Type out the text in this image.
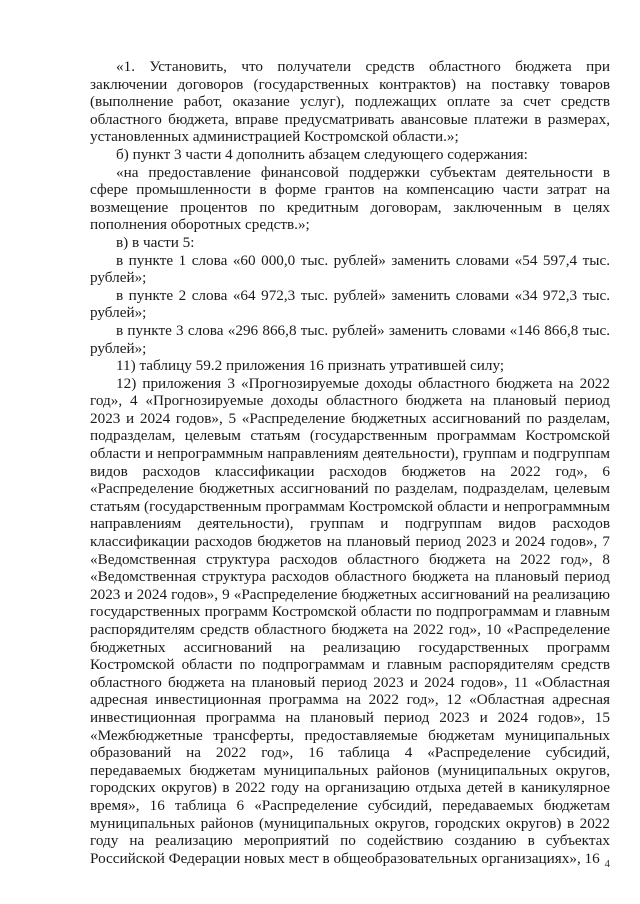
«1. Установить, что получатели средств областного бюджета при заключении договоров (государственных контрактов) на поставку товаров (выполнение работ, оказание услуг), подлежащих оплате за счет средств областного бюджета, вправе предусматривать авансовые платежи в размерах, установленных администрацией Костромской области.»;

б) пункт 3 части 4 дополнить абзацем следующего содержания:

«на предоставление финансовой поддержки субъектам деятельности в сфере промышленности в форме грантов на компенсацию части затрат на возмещение процентов по кредитным договорам, заключенным в целях пополнения оборотных средств.»;

в) в части 5:

в пункте 1 слова «60 000,0 тыс. рублей» заменить словами «54 597,4 тыс. рублей»;

в пункте 2 слова «64 972,3 тыс. рублей» заменить словами «34 972,3 тыс. рублей»;

в пункте 3 слова «296 866,8 тыс. рублей» заменить словами «146 866,8 тыс. рублей»;

11) таблицу 59.2 приложения 16 признать утратившей силу;

12) приложения 3 «Прогнозируемые доходы областного бюджета на 2022 год», 4 «Прогнозируемые доходы областного бюджета на плановый период 2023 и 2024 годов», 5 «Распределение бюджетных ассигнований по разделам, подразделам, целевым статьям (государственным программам Костромской области и непрограммным направлениям деятельности), группам и подгруппам видов расходов классификации расходов бюджетов на 2022 год», 6 «Распределение бюджетных ассигнований по разделам, подразделам, целевым статьям (государственным программам Костромской области и непрограммным направлениям деятельности), группам и подгруппам видов расходов классификации расходов бюджетов на плановый период 2023 и 2024 годов», 7 «Ведомственная структура расходов областного бюджета на 2022 год», 8 «Ведомственная структура расходов областного бюджета на плановый период 2023 и 2024 годов», 9 «Распределение бюджетных ассигнований на реализацию государственных программ Костромской области по подпрограммам и главным распорядителям средств областного бюджета на 2022 год», 10 «Распределение бюджетных ассигнований на реализацию государственных программ Костромской области по подпрограммам и главным распорядителям средств областного бюджета на плановый период 2023 и 2024 годов», 11 «Областная адресная инвестиционная программа на 2022 год», 12 «Областная адресная инвестиционная программа на плановый период 2023 и 2024 годов», 15 «Межбюджетные трансферты, предоставляемые бюджетам муниципальных образований на 2022 год», 16 таблица 4 «Распределение субсидий, передаваемых бюджетам муниципальных районов (муниципальных округов, городских округов) в 2022 году на организацию отдыха детей в каникулярное время», 16 таблица 6 «Распределение субсидий, передаваемых бюджетам муниципальных районов (муниципальных округов, городских округов) в 2022 году на реализацию мероприятий по содействию созданию в субъектах Российской Федерации новых мест в общеобразовательных организациях», 16 4
